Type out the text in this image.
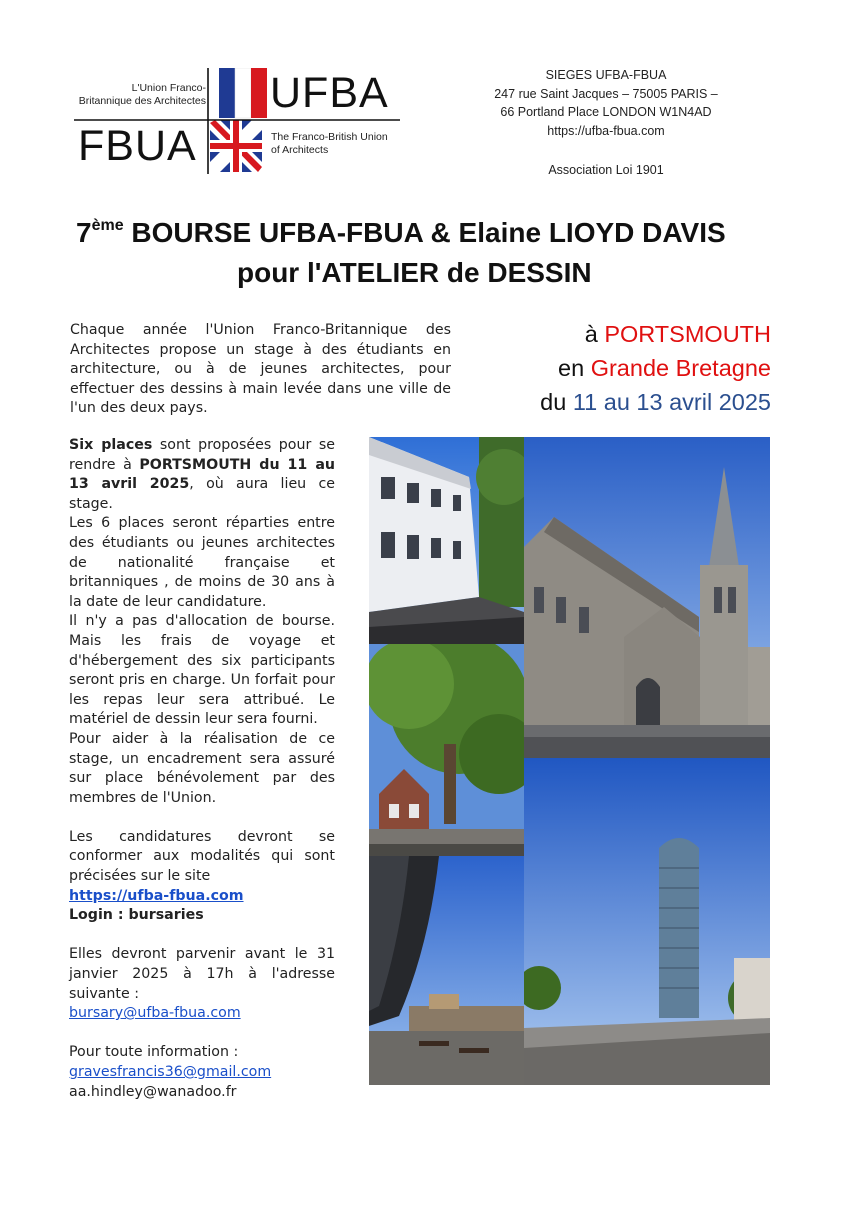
L'Union Franco-
Britannique des Architectes UFBA
FBUA	The Franco-British Union
of Architects
SIEGES UFBA-FBUA
247 rue Saint Jacques – 75005 PARIS –
66 Portland Place LONDON W1N4AD
https://ufba-fbua.com
Association Loi 1901
7ème BOURSE UFBA-FBUA & Elaine LIOYD DAVIS
pour l'ATELIER de DESSIN
Chaque année l'Union Franco-Britannique des Architectes propose un stage à des étudiants en architecture, ou à de jeunes architectes, pour effectuer des dessins à main levée dans une ville de l'un des deux pays.
à PORTSMOUTH
en Grande Bretagne
du 11 au 13 avril 2025

Six places sont proposées pour se rendre à PORTSMOUTH du 11 au 13 avril 2025, où aura lieu ce stage.

Les 6 places seront réparties entre des étudiants ou jeunes architectes de nationalité française et britanniques , de moins de 30 ans à la date de leur candidature.

Il n'y a pas d'allocation de bourse. Mais les frais de voyage et d'hébergement des six participants seront pris en charge. Un forfait pour les repas leur sera attribué. Le matériel de dessin leur sera fourni.

Pour aider à la réalisation de ce stage, un encadrement sera assuré sur place bénévolement par des membres de l'Union.

Les candidatures devront se conformer aux modalités qui sont précisées sur le site

https://ufba-fbua.com

Login : bursaries

Elles devront parvenir avant le 31 janvier 2025 à 17h à l'adresse suivante :

bursary@ufba-fbua.com

Pour toute information :

gravesfrancis36@gmail.com

aa.hindley@wanadoo.fr
